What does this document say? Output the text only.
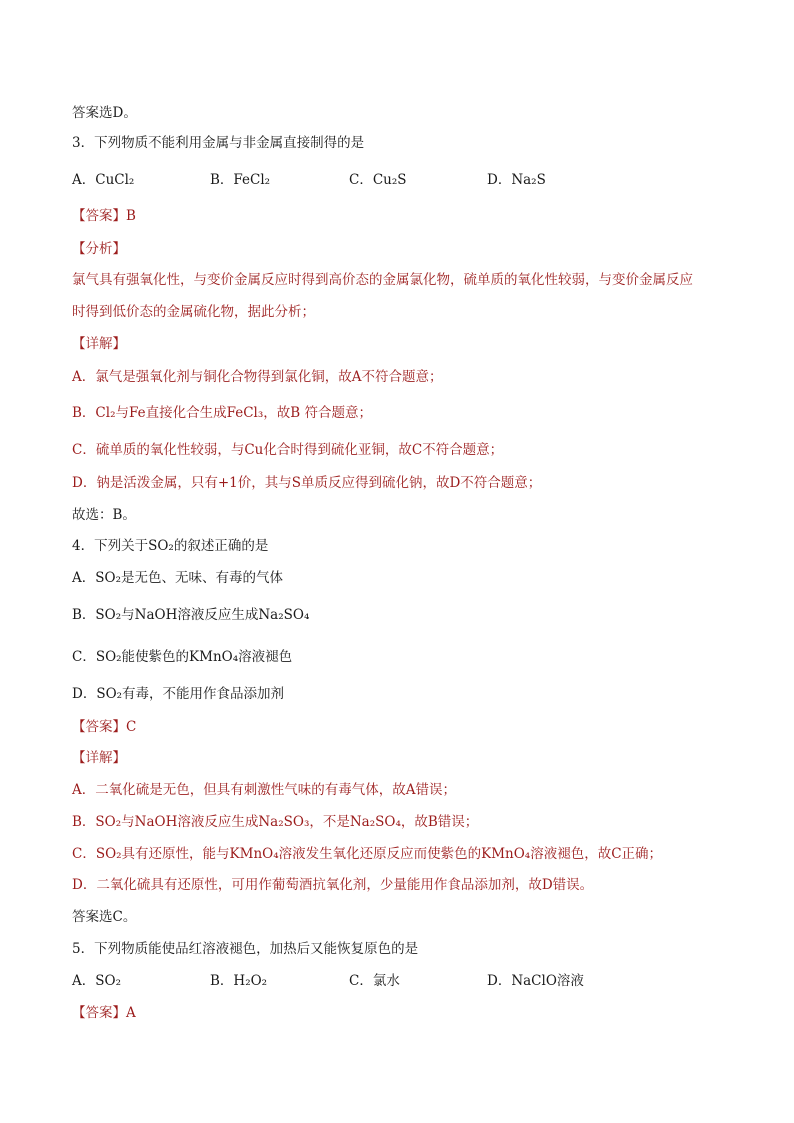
答案选D。
3．下列物质不能利用金属与非金属直接制得的是
A．CuCl₂	B．FeCl₂	C．Cu₂S	D．Na₂S
【答案】B
【分析】
氯气具有强氧化性，与变价金属反应时得到高价态的金属氯化物，硫单质的氧化性较弱，与变价金属反应
时得到低价态的金属硫化物，据此分析；
【详解】
A．氯气是强氧化剂与铜化合物得到氯化铜，故A不符合题意；
B．Cl₂与Fe直接化合生成FeCl₃，故B 符合题意；
C．硫单质的氧化性较弱，与Cu化合时得到硫化亚铜，故C不符合题意；
D．钠是活泼金属，只有+1价，其与S单质反应得到硫化钠，故D不符合题意；
故选：B。
4．下列关于SO₂的叙述正确的是
A．SO₂是无色、无味、有毒的气体
B．SO₂与NaOH溶液反应生成Na₂SO₄
C．SO₂能使紫色的KMnO₄溶液褪色
D．SO₂有毒，不能用作食品添加剂
【答案】C
【详解】
A．二氧化硫是无色，但具有刺激性气味的有毒气体，故A错误；
B．SO₂与NaOH溶液反应生成Na₂SO₃，不是Na₂SO₄，故B错误；
C．SO₂具有还原性，能与KMnO₄溶液发生氧化还原反应而使紫色的KMnO₄溶液褪色，故C正确；
D．二氧化硫具有还原性，可用作葡萄酒抗氧化剂，少量能用作食品添加剂，故D错误。
答案选C。
5．下列物质能使品红溶液褪色，加热后又能恢复原色的是
A．SO₂	B．H₂O₂	C．氯水	D．NaClO溶液
【答案】A
